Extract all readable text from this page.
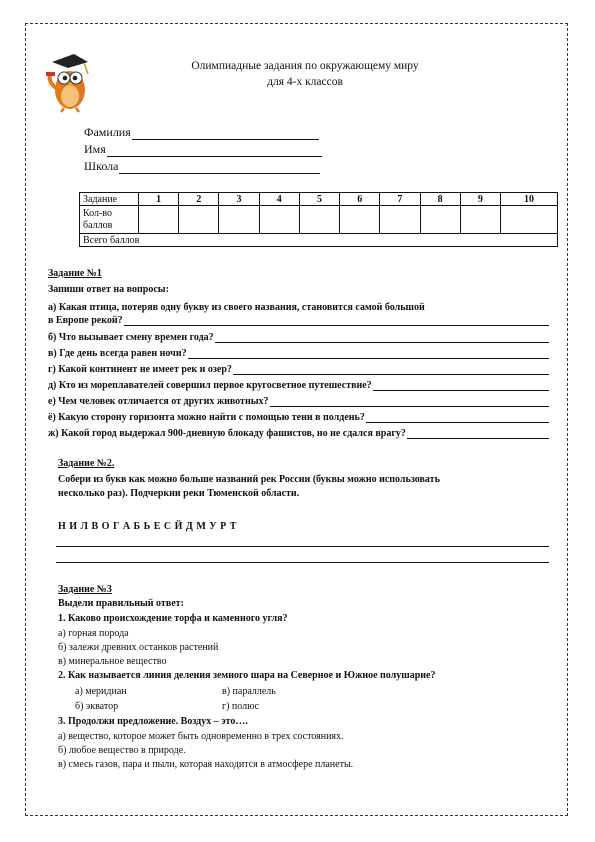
Олимпиадные задания по окружающему миру
для 4-х классов
Фамилия
Имя
Школа
Задание	1	2	3	4	5	6	7	8	9	10
Кол-во
баллов										
Всего баллов										
Задание №1
Запиши ответ на вопросы:
а) Какая птица, потеряв одну букву из своего названия, становится самой большой
в Европе рекой?
б) Что вызывает смену времен года?
в) Где день всегда равен ночи?
г) Какой континент не имеет рек и озер?
д) Кто из мореплавателей совершил первое кругосветное путешествие?
е) Чем человек отличается от других животных?
ё) Какую сторону горизонта можно найти с помощью тени в полдень?
ж) Какой город выдержал 900-дневную блокаду фашистов, но не сдался врагу?
Задание №2.
Собери из букв как можно больше названий рек России (буквы можно использовать
несколько раз). Подчеркни реки Тюменской области.
Н И Л В О Г А Б Ь Е С Й Д М У Р Т
Задание №3
Выдели правильный ответ:
1. Каково происхождение торфа и каменного угля?
а) горная порода
б) залежи древних останков растений
в) минеральное вещество
2. Как называется линия деления земного шара на Северное и Южное полушарие?
а) меридиан	в) параллель
б) экватор	г) полюс
3. Продолжи предложение. Воздух – это….
а) вещество, которое может быть одновременно в трех состояниях.
б) любое вещество в природе.
в) смесь газов, пара и пыли, которая находится в атмосфере планеты.
